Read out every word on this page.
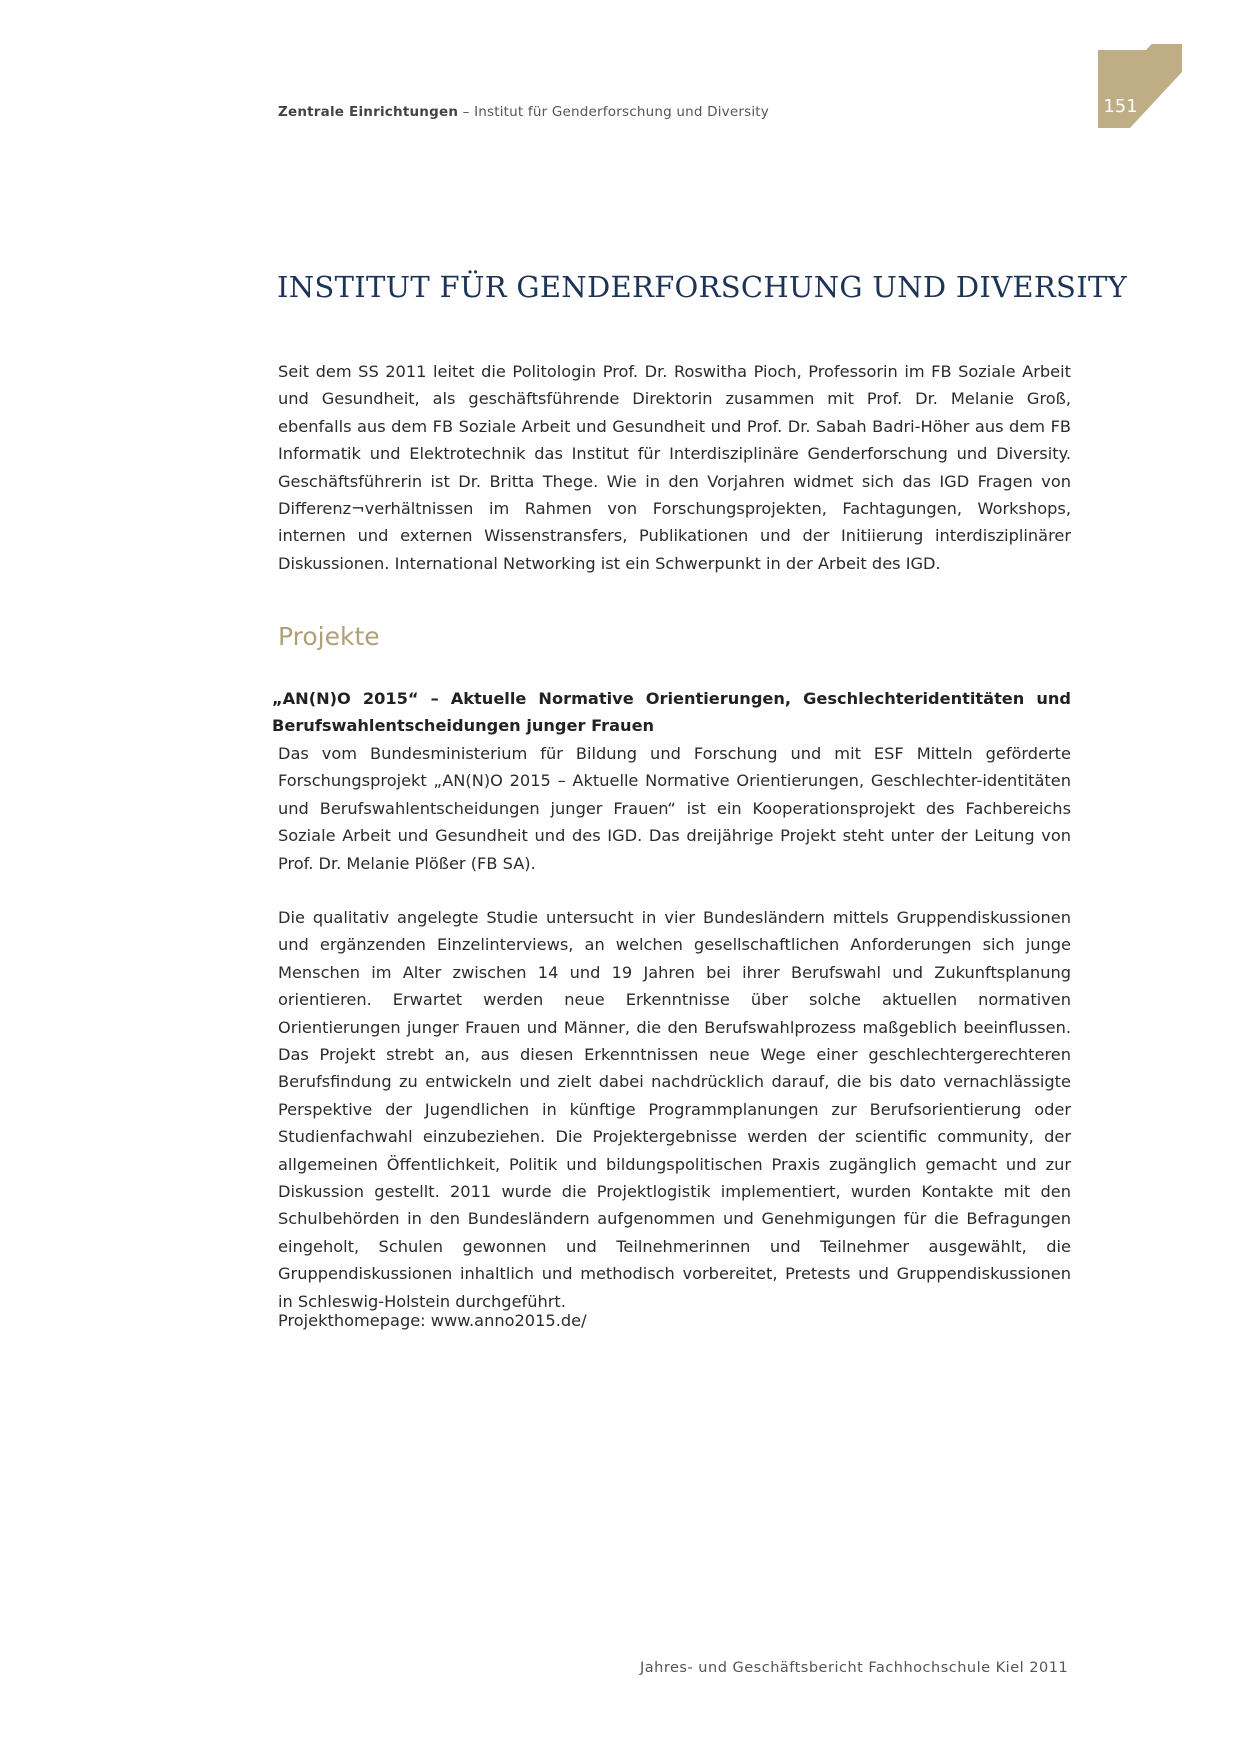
Zentrale Einrichtungen – Institut für Genderforschung und Diversity	151
INSTITUT FÜR GENDERFORSCHUNG UND DIVERSITY

Seit dem SS 2011 leitet die Politologin Prof. Dr. Roswitha Pioch, Professorin im FB Soziale Arbeit und Gesundheit, als geschäftsführende Direktorin zusammen mit Prof. Dr. Melanie Groß, ebenfalls aus dem FB Soziale Arbeit und Gesundheit und Prof. Dr. Sabah Badri-Höher aus dem FB Informatik und Elektrotechnik das Institut für Interdisziplinäre Genderforschung und Diversity. Geschäftsführerin ist Dr. Britta Thege. Wie in den Vorjahren widmet sich das IGD Fragen von Differenz¬verhältnissen im Rahmen von Forschungsprojekten, Fachtagungen, Workshops, internen und externen Wissenstransfers, Publikationen und der Initiierung interdisziplinärer Diskussionen. International Networking ist ein Schwerpunkt in der Arbeit des IGD.

Projekte

„AN(N)O 2015“ – Aktuelle Normative Orientierungen, Geschlechteridentitäten und Berufswahlentscheidungen junger Frauen

Das vom Bundesministerium für Bildung und Forschung und mit ESF Mitteln geförderte Forschungsprojekt „AN(N)O 2015 – Aktuelle Normative Orientierungen, Geschlechter-identitäten und Berufswahlentscheidungen junger Frauen“ ist ein Kooperationsprojekt des Fachbereichs Soziale Arbeit und Gesundheit und des IGD. Das dreijährige Projekt steht unter der Leitung von Prof. Dr. Melanie Plößer (FB SA).

Die qualitativ angelegte Studie untersucht in vier Bundesländern mittels Gruppendiskussionen und ergänzenden Einzelinterviews, an welchen gesellschaftlichen Anforderungen sich junge Menschen im Alter zwischen 14 und 19 Jahren bei ihrer Berufswahl und Zukunftsplanung orientieren. Erwartet werden neue Erkenntnisse über solche aktuellen normativen Orientierungen junger Frauen und Männer, die den Berufswahlprozess maßgeblich beeinflussen. Das Projekt strebt an, aus diesen Erkenntnissen neue Wege einer geschlechtergerechteren Berufsfindung zu entwickeln und zielt dabei nachdrücklich darauf, die bis dato vernachlässigte Perspektive der Jugendlichen in künftige Programmplanungen zur Berufsorientierung oder Studienfachwahl einzubeziehen. Die Projektergebnisse werden der scientific community, der allgemeinen Öffentlichkeit, Politik und bildungspolitischen Praxis zugänglich gemacht und zur Diskussion gestellt. 2011 wurde die Projektlogistik implementiert, wurden Kontakte mit den Schulbehörden in den Bundesländern aufgenommen und Genehmigungen für die Befragungen eingeholt, Schulen gewonnen und Teilnehmerinnen und Teilnehmer ausgewählt, die Gruppendiskussionen inhaltlich und methodisch vorbereitet, Pretests und Gruppendiskussionen in Schleswig-Holstein durchgeführt.

Projekthomepage: www.anno2015.de/

Jahres- und Geschäftsbericht Fachhochschule Kiel 2011
